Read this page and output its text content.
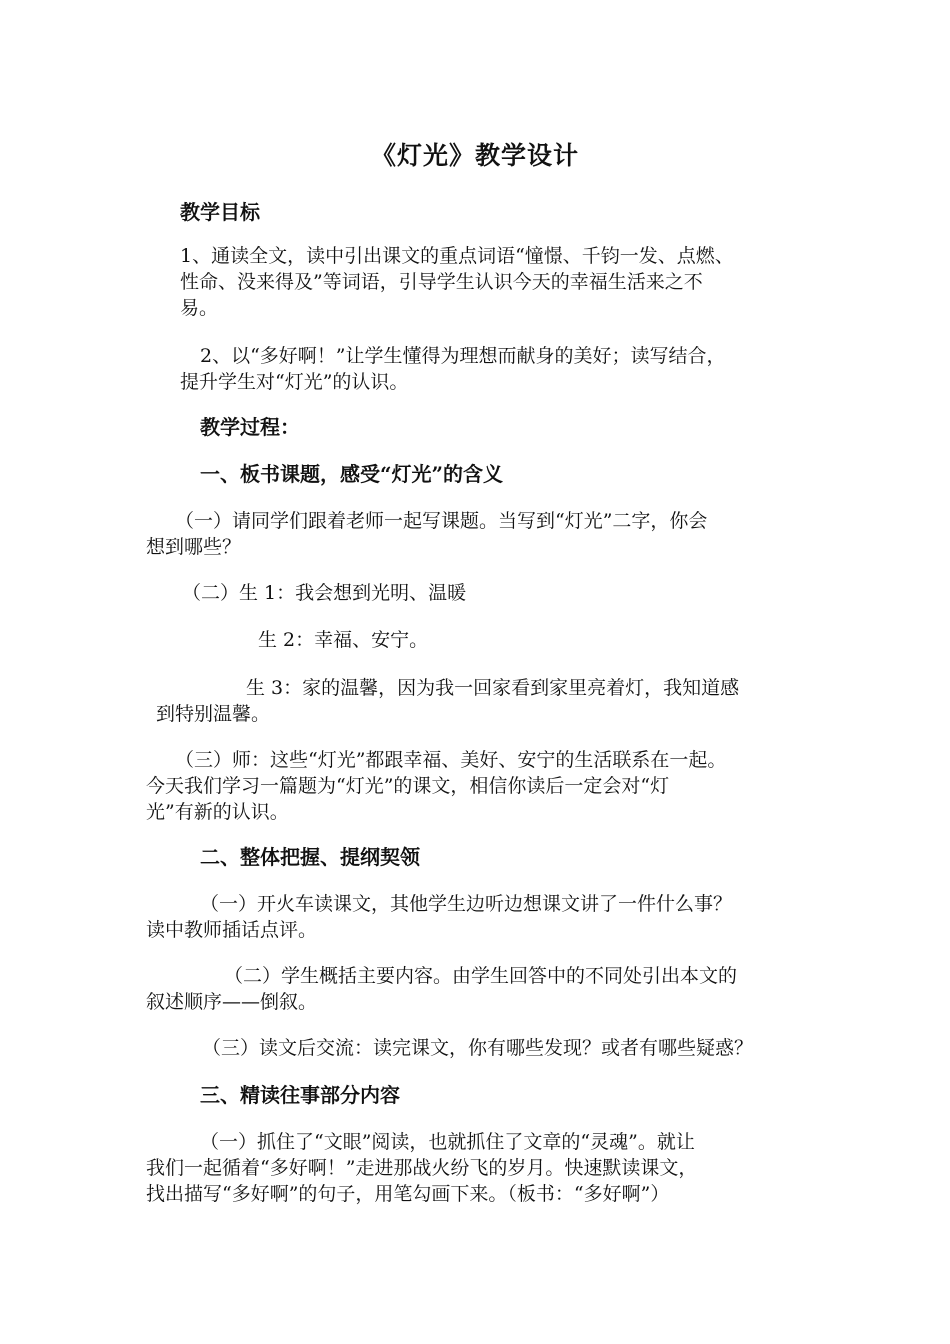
《灯光》教学设计
教学目标
1、通读全文，读中引出课文的重点词语“憧憬、千钧一发、点燃、
性命、没来得及”等词语，引导学生认识今天的幸福生活来之不
易。
2、以“多好啊！”让学生懂得为理想而献身的美好；读写结合，
提升学生对“灯光”的认识。
教学过程：
一、板书课题，感受“灯光”的含义
（一）请同学们跟着老师一起写课题。当写到“灯光”二字，你会
想到哪些？
（二）生 1：我会想到光明、温暖
生 2：幸福、安宁。
生 3：家的温馨，因为我一回家看到家里亮着灯，我知道感
到特别温馨。
（三）师：这些“灯光”都跟幸福、美好、安宁的生活联系在一起。
今天我们学习一篇题为“灯光”的课文，相信你读后一定会对“灯
光”有新的认识。
二、整体把握、提纲契领
（一）开火车读课文，其他学生边听边想课文讲了一件什么事？
读中教师插话点评。
（二）学生概括主要内容。由学生回答中的不同处引出本文的
叙述顺序——倒叙。
（三）读文后交流：读完课文，你有哪些发现？或者有哪些疑惑？
三、精读往事部分内容
（一）抓住了“文眼”阅读，也就抓住了文章的“灵魂”。就让
我们一起循着“多好啊！”走进那战火纷飞的岁月。快速默读课文，
找出描写“多好啊”的句子，用笔勾画下来。（板书：“多好啊”）
